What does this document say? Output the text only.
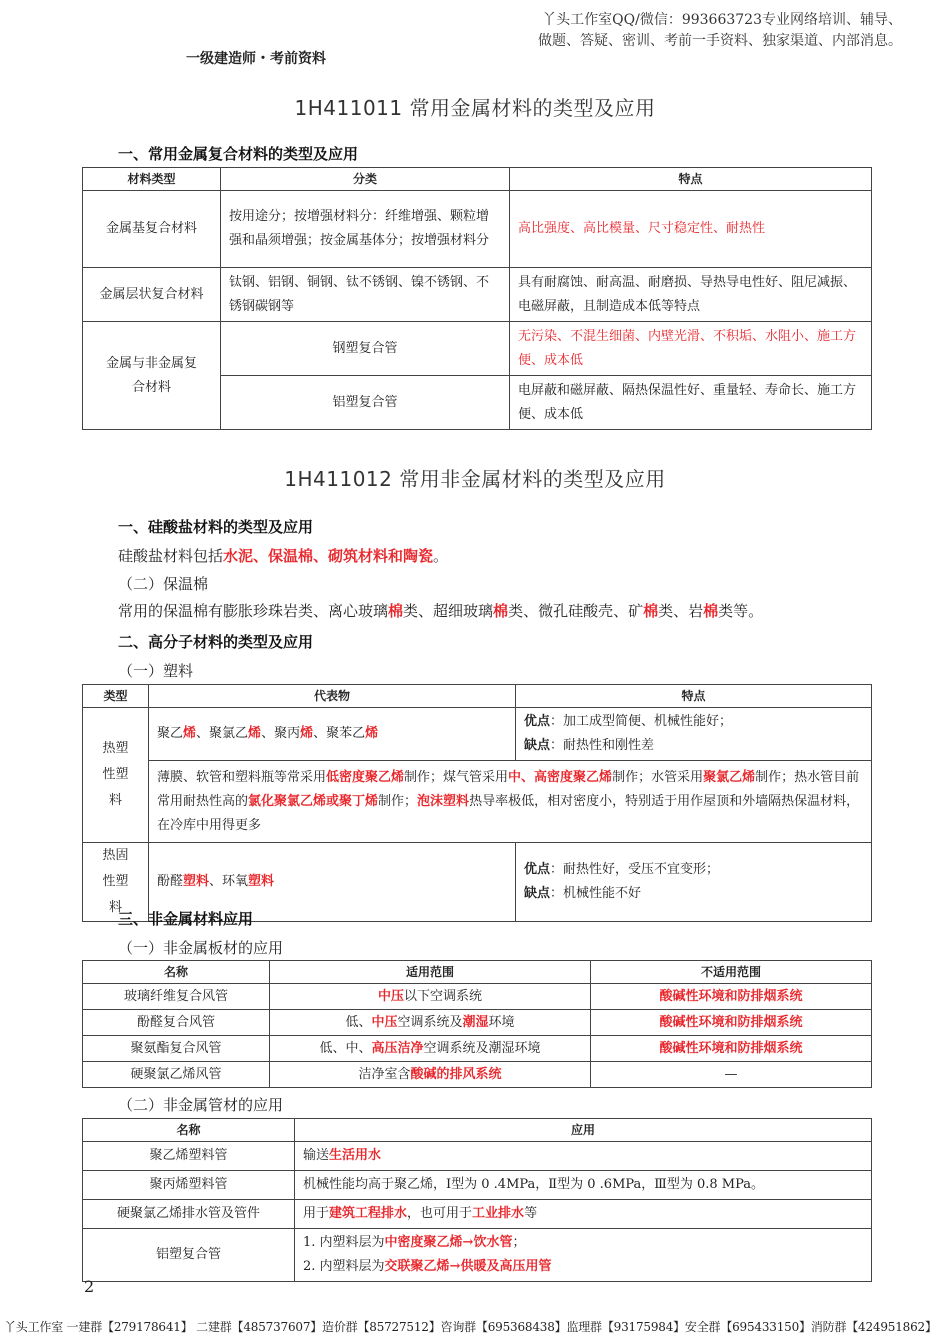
丫头工作室QQ/微信：993663723专业网络培训、辅导、
做题、答疑、密训、考前一手资料、独家渠道、内部消息。
一级建造师・考前资料
1H411011 常用金属材料的类型及应用
一、常用金属复合材料的类型及应用
材料类型	分类	特点
金属基复合材料	按用途分；按增强材料分：纤维增强、颗粒增强和晶须增强；按金属基体分；按增强材料分	高比强度、高比模量、尺寸稳定性、耐热性
金属层状复合材料	钛钢、铝钢、铜钢、钛不锈钢、镍不锈钢、不锈钢碳钢等	具有耐腐蚀、耐高温、耐磨损、导热导电性好、阻尼减振、电磁屏蔽，且制造成本低等特点
金属与非金属复合材料	钢塑复合管	无污染、不混生细菌、内壁光滑、不积垢、水阻小、施工方便、成本低
	铝塑复合管	电屏蔽和磁屏蔽、隔热保温性好、重量轻、寿命长、施工方便、成本低
1H411012 常用非金属材料的类型及应用
一、硅酸盐材料的类型及应用
硅酸盐材料包括水泥、保温棉、砌筑材料和陶瓷。
（二）保温棉
常用的保温棉有膨胀珍珠岩类、离心玻璃棉类、超细玻璃棉类、微孔硅酸壳、矿棉类、岩棉类等。
二、高分子材料的类型及应用
（一）塑料
类型	代表物	特点
热塑性塑料	聚乙烯、聚氯乙烯、聚丙烯、聚苯乙烯	优点：加工成型简便、机械性能好；
缺点：耐热性和刚性差

	薄膜、软管和塑料瓶等常采用低密度聚乙烯制作；煤气管采用中、高密度聚乙烯制作；水管采用聚氯乙烯制作；热水管目前常用耐热性高的氯化聚氯乙烯或聚丁烯制作；泡沫塑料热导率极低，相对密度小，特别适于用作屋顶和外墙隔热保温材料，在冷库中用得更多	
热固性塑料	酚醛塑料、环氧塑料	优点：耐热性好，受压不宜变形；
缺点：机械性能不好
三、非金属材料应用
（一）非金属板材的应用
名称	适用范围	不适用范围
玻璃纤维复合风管	中压以下空调系统	酸碱性环境和防排烟系统
酚醛复合风管	低、中压空调系统及潮湿环境	酸碱性环境和防排烟系统
聚氨酯复合风管	低、中、高压洁净空调系统及潮湿环境	酸碱性环境和防排烟系统
硬聚氯乙烯风管	洁净室含酸碱的排风系统	—
（二）非金属管材的应用
名称	应用
聚乙烯塑料管	输送生活用水
聚丙烯塑料管	机械性能均高于聚乙烯，Ⅰ型为 0 .4MPa，Ⅱ型为 0 .6MPa，Ⅲ型为 0.8 MPa。
硬聚氯乙烯排水管及管件	用于建筑工程排水，也可用于工业排水等
铝塑复合管	1. 内塑料层为中密度聚乙烯→饮水管；
2. 内塑料层为交联聚乙烯→供暖及高压用管
2
丫头工作室 一建群【279178641】 二建群【485737607】造价群【85727512】咨询群【695368438】监理群【93175984】安全群【695433150】消防群【424951862】
